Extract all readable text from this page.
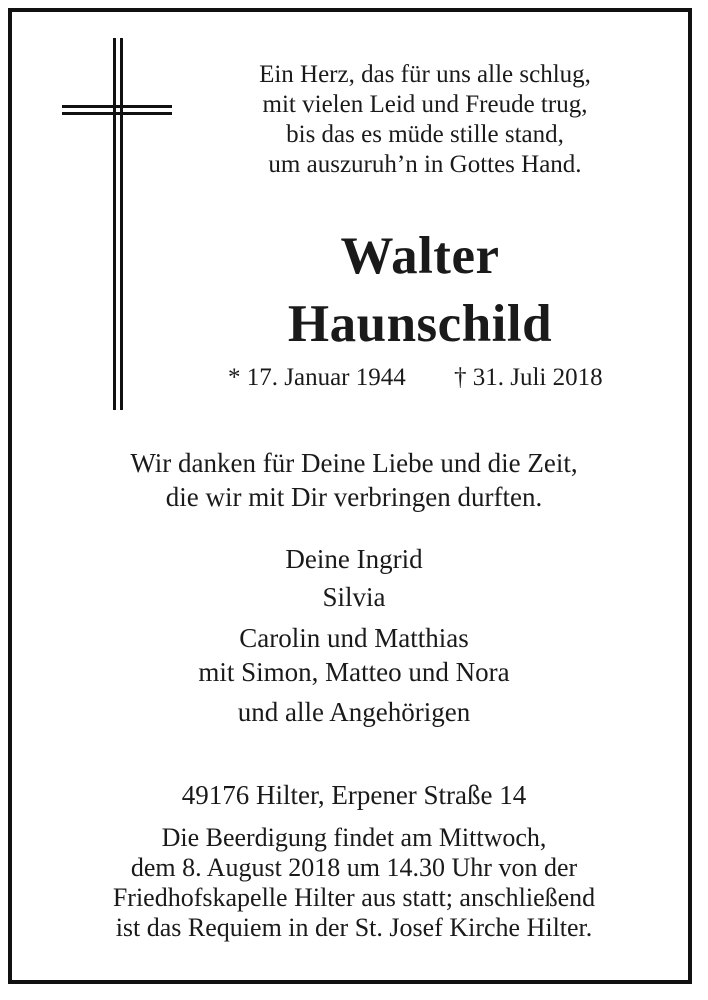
Ein Herz, das für uns alle schlug,
mit vielen Leid und Freude trug,
bis das es müde stille stand,
um auszuruh’n in Gottes Hand.
Walter
Haunschild
* 17. Januar 1944 † 31. Juli 2018
Wir danken für Deine Liebe und die Zeit,
die wir mit Dir verbringen durften.
Deine Ingrid
Silvia
Carolin und Matthias
mit Simon, Matteo und Nora
und alle Angehörigen
49176 Hilter, Erpener Straße 14
Die Beerdigung findet am Mittwoch,
dem 8. August 2018 um 14.30 Uhr von der
Friedhofskapelle Hilter aus statt; anschließend
ist das Requiem in der St. Josef Kirche Hilter.
